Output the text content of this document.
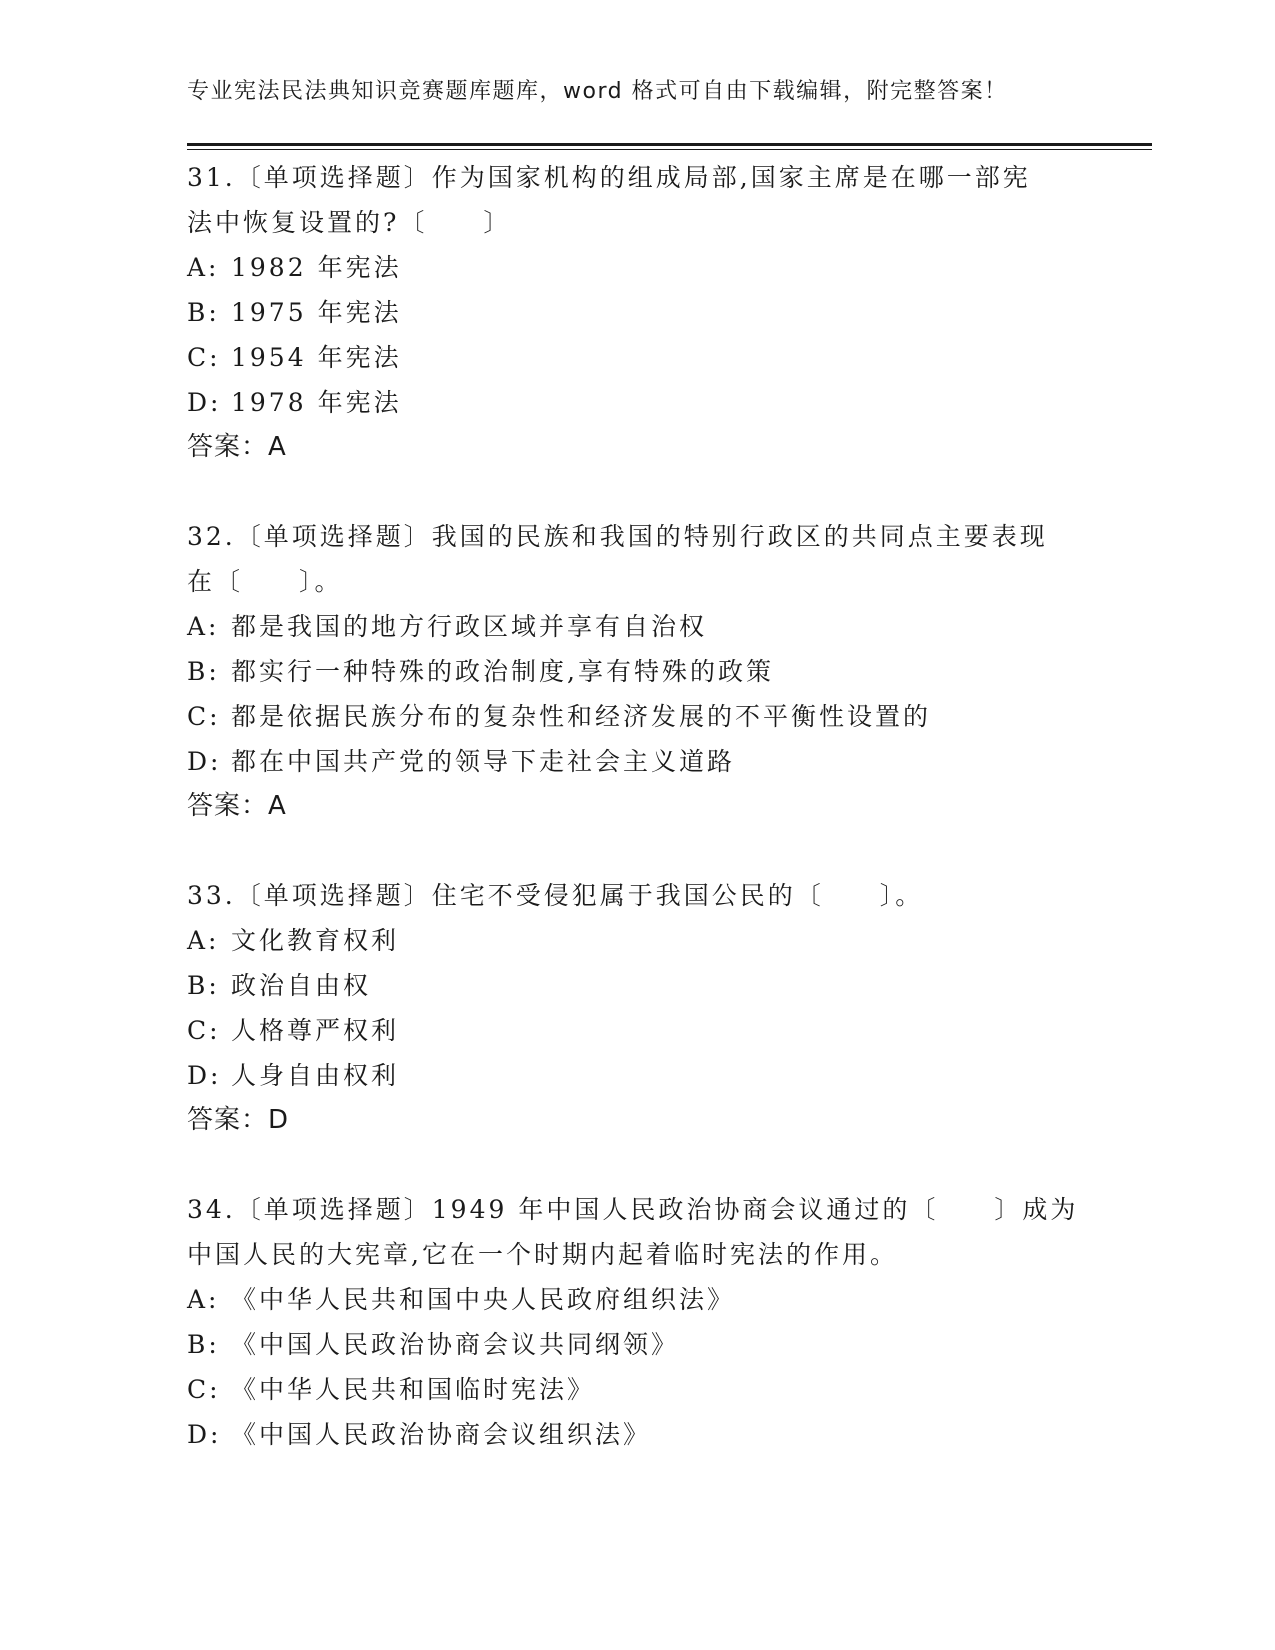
专业宪法民法典知识竞赛题库题库，word 格式可自由下载编辑，附完整答案！
31.〔单项选择题〕作为国家机构的组成局部,国家主席是在哪一部宪
法中恢复设置的?〔　　〕
A: 1982 年宪法
B: 1975 年宪法
C: 1954 年宪法
D: 1978 年宪法
答案：A
32.〔单项选择题〕我国的民族和我国的特别行政区的共同点主要表现
在〔　　〕。
A: 都是我国的地方行政区域并享有自治权
B: 都实行一种特殊的政治制度,享有特殊的政策
C: 都是依据民族分布的复杂性和经济发展的不平衡性设置的
D: 都在中国共产党的领导下走社会主义道路
答案：A
33.〔单项选择题〕住宅不受侵犯属于我国公民的〔　　〕。
A: 文化教育权利
B: 政治自由权
C: 人格尊严权利
D: 人身自由权利
答案：D
34.〔单项选择题〕1949 年中国人民政治协商会议通过的〔　　〕成为
中国人民的大宪章,它在一个时期内起着临时宪法的作用。
A: 《中华人民共和国中央人民政府组织法》
B: 《中国人民政治协商会议共同纲领》
C: 《中华人民共和国临时宪法》
D: 《中国人民政治协商会议组织法》
